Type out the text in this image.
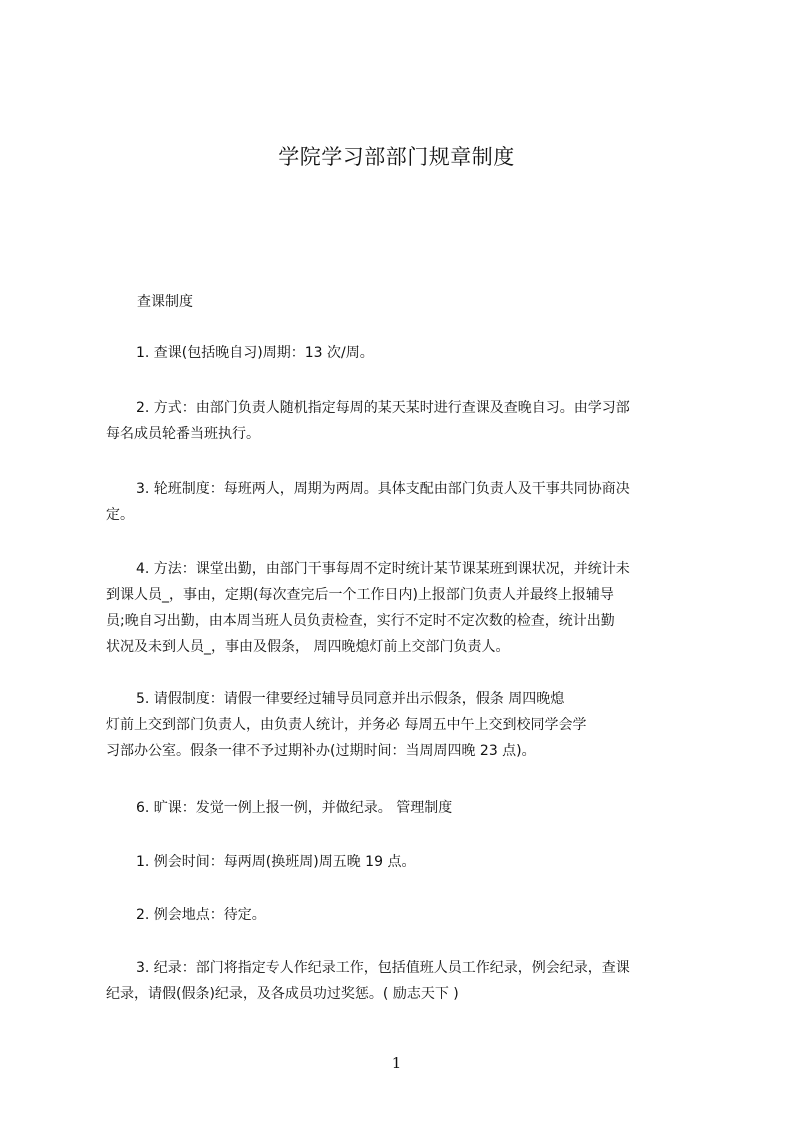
学院学习部部门规章制度
查课制度
1. 查课(包括晚自习)周期：13 次/周。
2. 方式：由部门负责人随机指定每周的某天某时进行查课及查晚自习。由学习部
每名成员轮番当班执行。
3. 轮班制度：每班两人，周期为两周。具体支配由部门负责人及干事共同协商决
定。
4. 方法：课堂出勤，由部门干事每周不定时统计某节课某班到课状况，并统计未
到课人员_，事由，定期(每次查完后一个工作日内)上报部门负责人并最终上报辅导
员;晚自习出勤，由本周当班人员负责检查，实行不定时不定次数的检查，统计出勤
状况及未到人员_，事由及假条， 周四晚熄灯前上交部门负责人。
5. 请假制度：请假一律要经过辅导员同意并出示假条，假条 周四晚熄
灯前上交到部门负责人，由负责人统计，并务必 每周五中午上交到校同学会学
习部办公室。假条一律不予过期补办(过期时间：当周周四晚 23 点)。
6. 旷课：发觉一例上报一例，并做纪录。 管理制度
1. 例会时间：每两周(换班周)周五晚 19 点。
2. 例会地点：待定。
3. 纪录：部门将指定专人作纪录工作，包括值班人员工作纪录，例会纪录，查课
纪录，请假(假条)纪录，及各成员功过奖惩。( 励志天下 )
1
